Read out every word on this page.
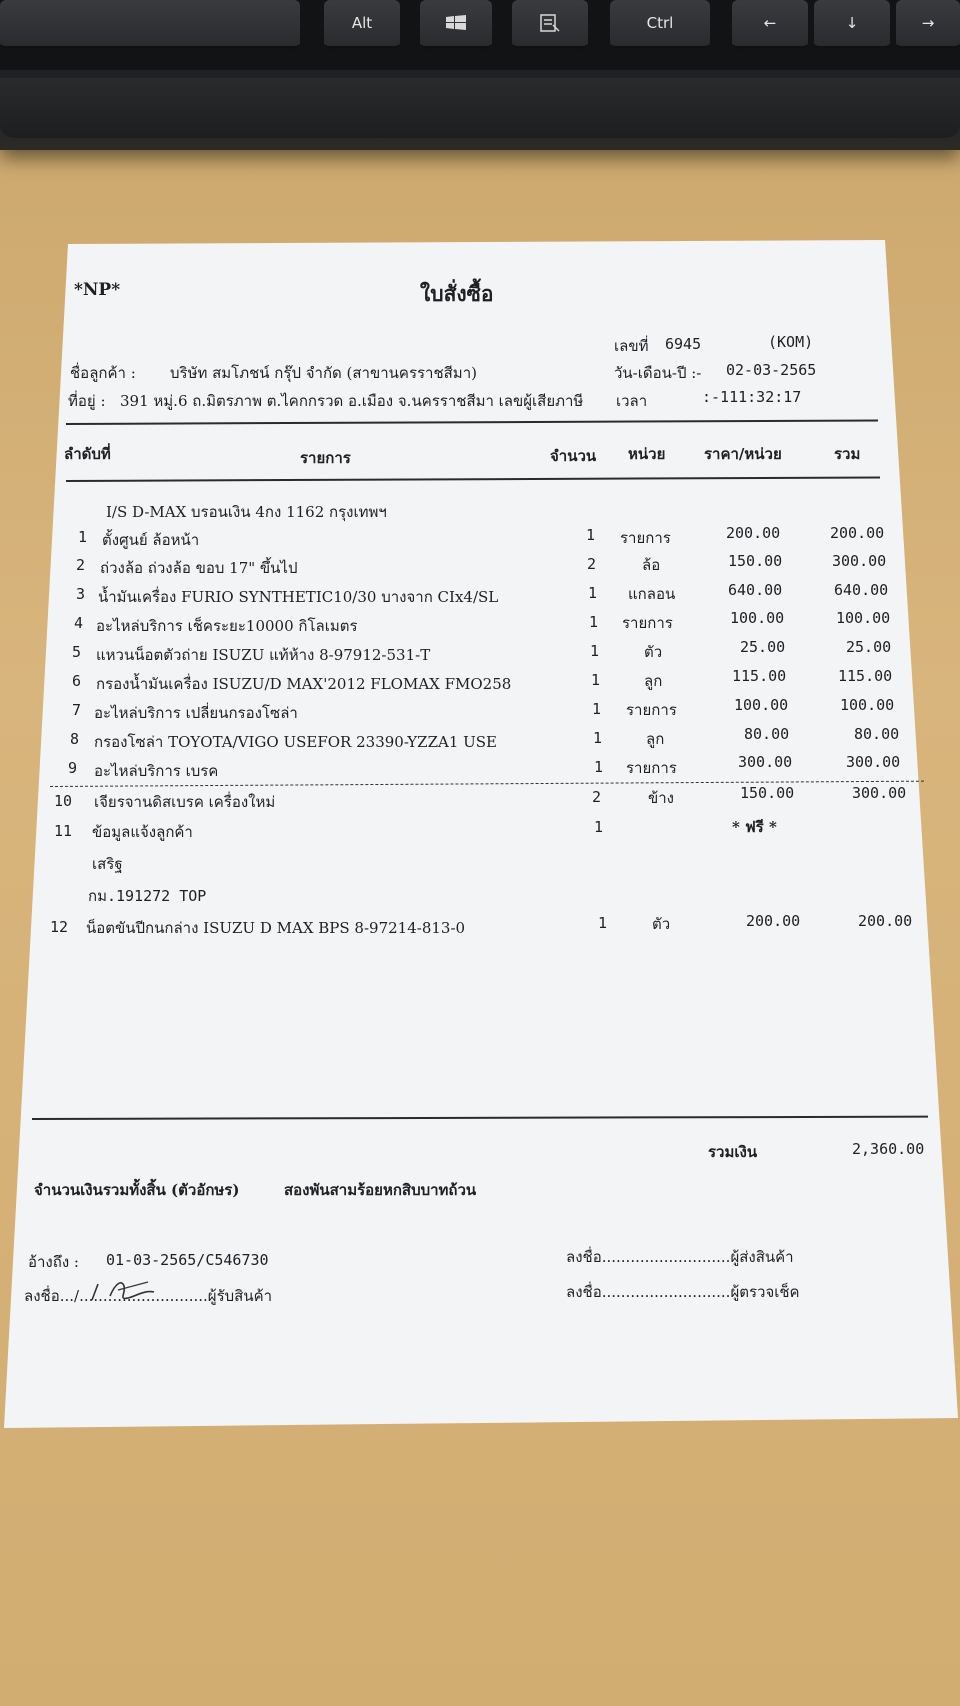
Alt	Ctrl	←	↓	→
*NP*	ใบสั่งซื้อ
เลขที่ 6945	(KOM)
ชื่อลูกค้า : บริษัท สมโภชน์ กรุ๊ป จำกัด (สาขานครราชสีมา)	วัน-เดือน-ปี :- 02-03-2565
ที่อยู่ : 391 หมู่.6 ถ.มิตรภาพ ต.ไคกกรวด อ.เมือง จ.นครราชสีมา เลขผู้เสียภาษี เวลา	:-111:32:17
ลำดับที่	รายการ	จำนวน หน่วย	ราคา/หน่วย	รวม
I/S D-MAX บรอนเงิน 4กง 1162 กรุงเทพฯ
1 ตั้งศูนย์ ล้อหน้า	1 รายการ	200.00	200.00
2 ถ่วงล้อ ถ่วงล้อ ขอบ 17" ขึ้นไป	2	ล้อ	150.00	300.00
3 น้ำมันเครื่อง FURIO SYNTHETIC10/30 บางจาก CIx4/SL	1 แกลอน	640.00	640.00
4 อะไหล่บริการ เช็คระยะ10000 กิโลเมตร	1 รายการ	100.00	100.00
5 แหวนน็อตตัวถ่าย ISUZU แท้ห้าง 8-97912-531-T	1	ตัว	25.00	25.00
6 กรองน้ำมันเครื่อง ISUZU/D MAX'2012 FLOMAX FMO258	1	ลูก	115.00	115.00
7 อะไหล่บริการ เปลี่ยนกรองโซล่า	1 รายการ	100.00	100.00
8 กรองโซล่า TOYOTA/VIGO USEFOR 23390-YZZA1 USE	1	ลูก	80.00	80.00
9 อะไหล่บริการ เบรค	1 รายการ	300.00	300.00
10 เจียรจานดิสเบรค เครื่องใหม่	2	ข้าง	150.00	300.00
11 ข้อมูลแจ้งลูกค้า	1	* ฟรี *
เสริฐ
กม.191272 TOP
12 น็อตขันปีกนกล่าง ISUZU D MAX BPS 8-97214-813-0	1	ตัว	200.00	200.00
รวมเงิน	2,360.00
จำนวนเงินรวมทั้งสิ้น (ตัวอักษร)	สองพันสามร้อยหกสิบบาทถ้วน
อ้างถึง : 01-03-2565/C546730
ลงชื่อ.../...........................ผู้รับสินค้า
ลงชื่อ...........................ผู้ส่งสินค้า
ลงชื่อ...........................ผู้ตรวจเช็ค
